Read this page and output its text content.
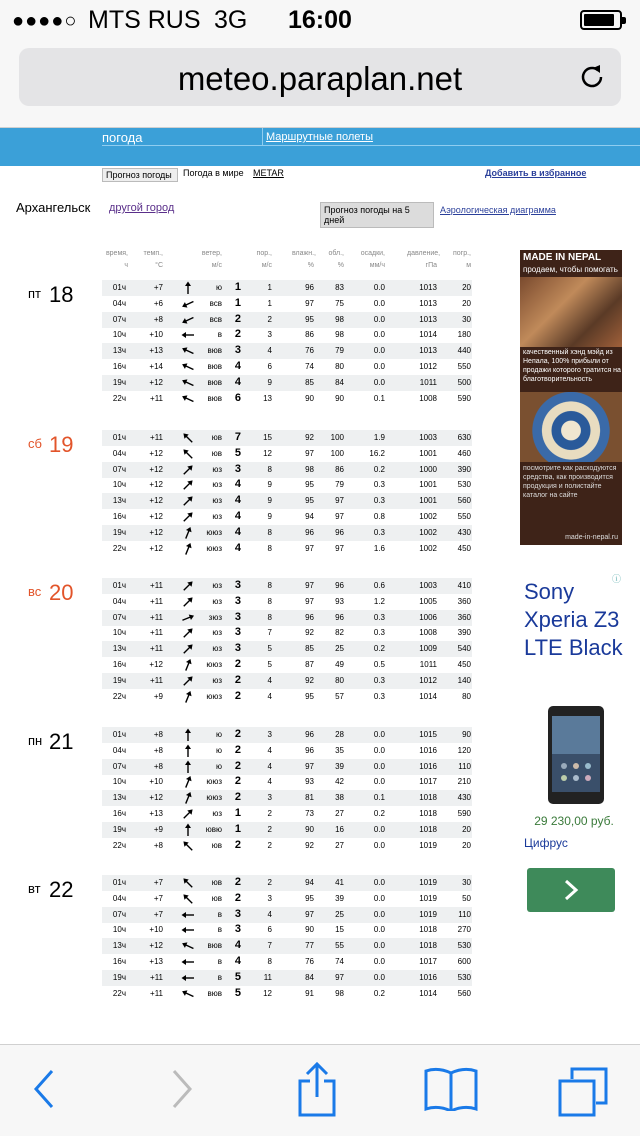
●●●●○ MTS RUS 3G 16:00
meteo.paraplan.net
погода	Маршрутные полеты
Прогноз погоды	Погода в мире METAR	Добавить в избранное
Архангельск другой город	Прогноз погоды на 5 дней
Аэрологическая диаграмма
время,
ч
темп.,
°C
ветер,
м/с
пор.,
м/с
влажн.,
%
обл.,
%
осадки,
мм/ч
давление,
гПа
погр.,
м
пт 18	01ч	+7	ю	1	1	96	83	0.0	1013	20
04ч	+6	всв	1	1	97	75	0.0	1013	20
07ч	+8	всв	2	2	95	98	0.0	1013	30
10ч	+10	в	2	3	86	98	0.0	1014	180
13ч	+13	вюв	3	4	76	79	0.0	1013	440
16ч	+14	вюв	4	6	74	80	0.0	1012	550
19ч	+12	вюв	4	9	85	84	0.0	1011	500
22ч	+11	вюв	6	13	90	90	0.1	1008	590
сб 19	01ч	+11	юв	7	15	92	100	1.9	1003	630
04ч	+12	юв	5	12	97	100	16.2	1001	460
07ч	+12	юз	3	8	98	86	0.2	1000	390
10ч	+12	юз	4	9	95	79	0.3	1001	530
13ч	+12	юз	4	9	95	97	0.3	1001	560
16ч	+12	юз	4	9	94	97	0.8	1002	550
19ч	+12	ююз	4	8	96	96	0.3	1002	430
22ч	+12	ююз	4	8	97	97	1.6	1002	450
вс 20	01ч	+11	юз	3	8	97	96	0.6	1003	410
04ч	+11	юз	3	8	97	93	1.2	1005	360
07ч	+11	зюз	3	8	96	96	0.3	1006	360
10ч	+11	юз	3	7	92	82	0.3	1008	390
13ч	+11	юз	3	5	85	25	0.2	1009	540
16ч	+12	ююз	2	5	87	49	0.5	1011	450
19ч	+11	юз	2	4	92	80	0.3	1012	140
22ч	+9	ююз	2	4	95	57	0.3	1014	80
пн 21	01ч	+8	ю	2	3	96	28	0.0	1015	90
04ч	+8	ю	2	4	96	35	0.0	1016	120
07ч	+8	ю	2	4	97	39	0.0	1016	110
10ч	+10	ююз	2	4	93	42	0.0	1017	210
13ч	+12	ююз	2	3	81	38	0.1	1018	430
16ч	+13	юз	1	2	73	27	0.2	1018	590
19ч	+9	ювю	1	2	90	16	0.0	1018	20
22ч	+8	юв	2	2	92	27	0.0	1019	20
вт 22	01ч	+7	юв	2	2	94	41	0.0	1019	30
04ч	+7	юв	2	3	95	39	0.0	1019	50
07ч	+7	в	3	4	97	25	0.0	1019	110
10ч	+10	в	3	6	90	15	0.0	1018	270
13ч	+12	вюв	4	7	77	55	0.0	1018	530
16ч	+13	в	4	8	76	74	0.0	1017	600
19ч	+11	в	5	11	84	97	0.0	1016	530
22ч	+11	вюв	5	12	91	98	0.2	1014	560
MADE IN NEPAL
продаем, чтобы помогать
качественный хэнд мэйд из Непала, 100% прибыли от продажи которого тратится на благотворительность
посмотрите как расходуются средства, как производится продукция и полистайте каталог на сайте
made-in-nepal.ru
ⓘ
Sony Xperia Z3 LTE Black
29 230,00 руб.
Цифрус
